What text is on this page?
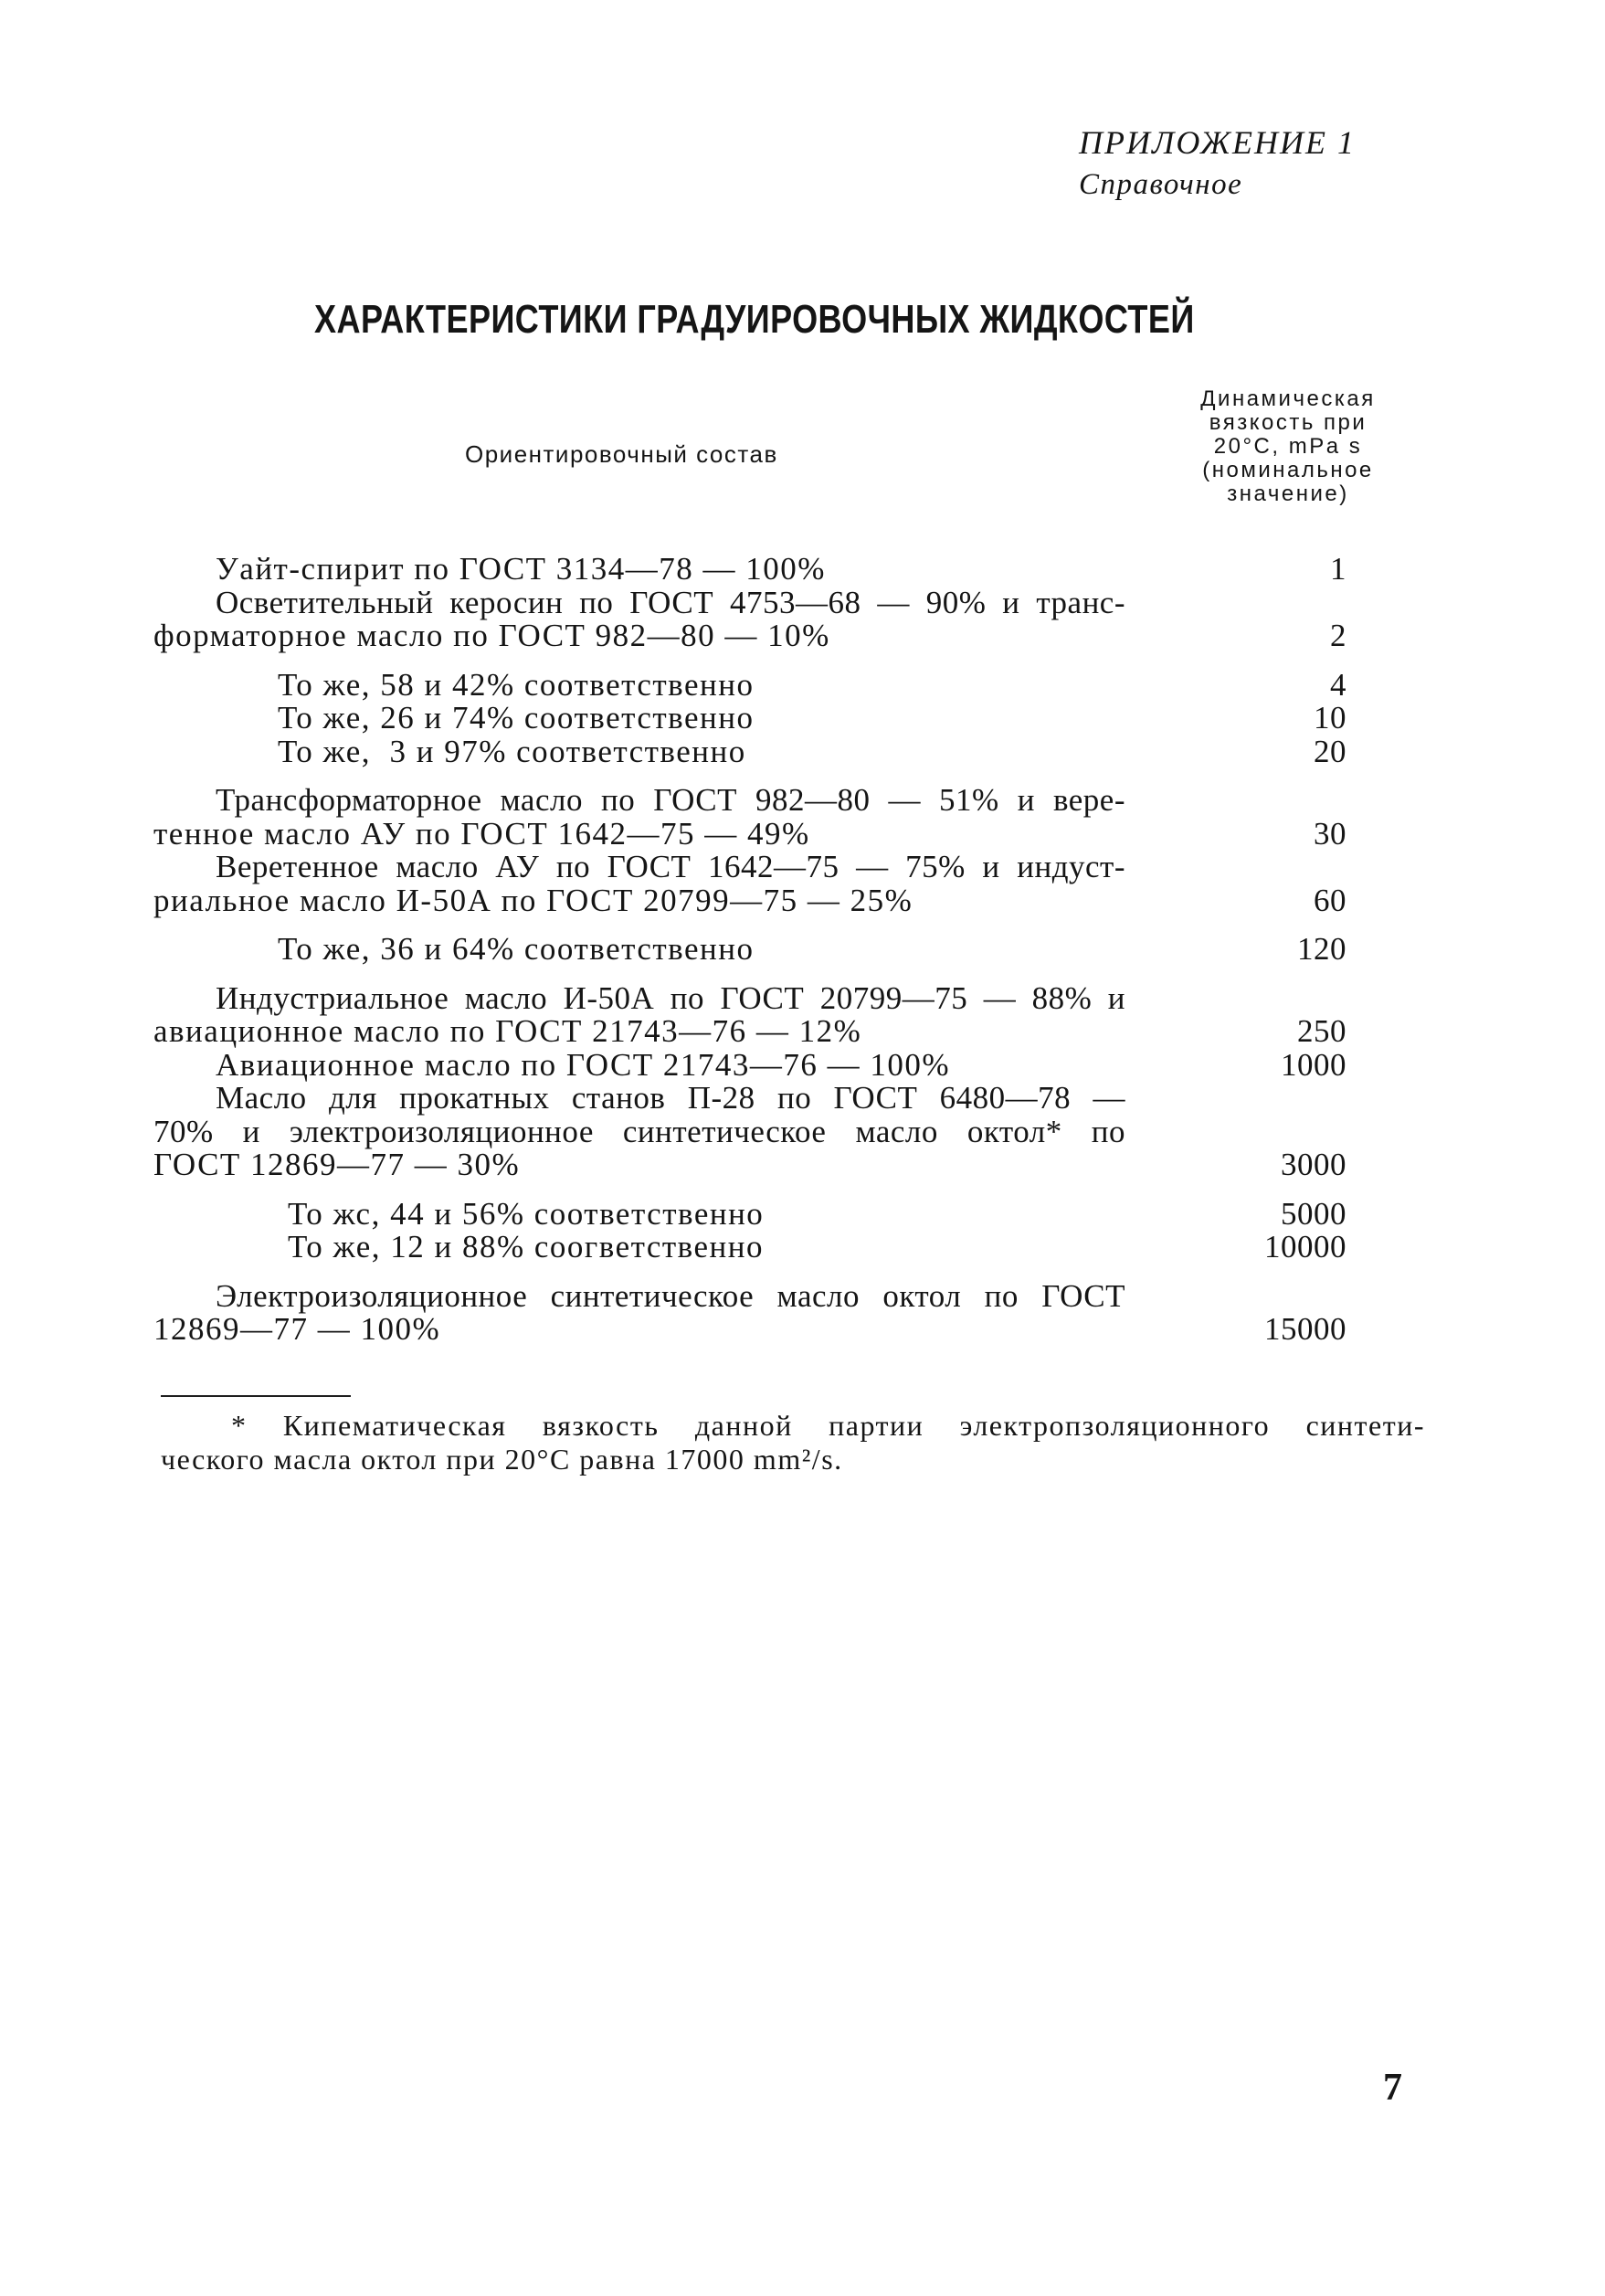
ПРИЛОЖЕНИЕ 1
Справочное
ХАРАКТЕРИСТИКИ ГРАДУИРОВОЧНЫХ ЖИДКОСТЕЙ
Ориентировочный состав
Динамическая
вязкость при
20°C, mPa s
(номинальное
значение)
Уайт-спирит по ГОСТ 3134—78 — 100%	1
Осветительный керосин по ГОСТ 4753—68 — 90% и транс-
форматорное масло по ГОСТ 982—80 — 10%	2
То же, 58 и 42% соответственно	4
То же, 26 и 74% соответственно	10
То же,  3 и 97% соответственно	20
Трансформаторное масло по ГОСТ 982—80 — 51% и вере-
тенное масло АУ по ГОСТ 1642—75 — 49%	30
Веретенное масло АУ по ГОСТ 1642—75 — 75% и индуст-
риальное масло И-50А по ГОСТ 20799—75 — 25%	60
То же, 36 и 64% соответственно	120
Индустриальное масло И-50А по ГОСТ 20799—75 — 88% и
авиационное масло по ГОСТ 21743—76 — 12%	250
Авиационное масло по ГОСТ 21743—76 — 100%	1000
Масло для прокатных станов П-28 по ГОСТ 6480—78 —
70% и электроизоляционное синтетическое масло октол* по
ГОСТ 12869—77 — 30%	3000
То жс, 44 и 56% соответственно	5000
То же, 12 и 88% соогветственно	10000
Электроизоляционное синтетическое масло октол по ГОСТ
12869—77 — 100%	15000
* Кипематическая вязкость данной партии электропзоляционного синтети-
ческого масла октол при 20°C равна 17000 mm²/s.
7
